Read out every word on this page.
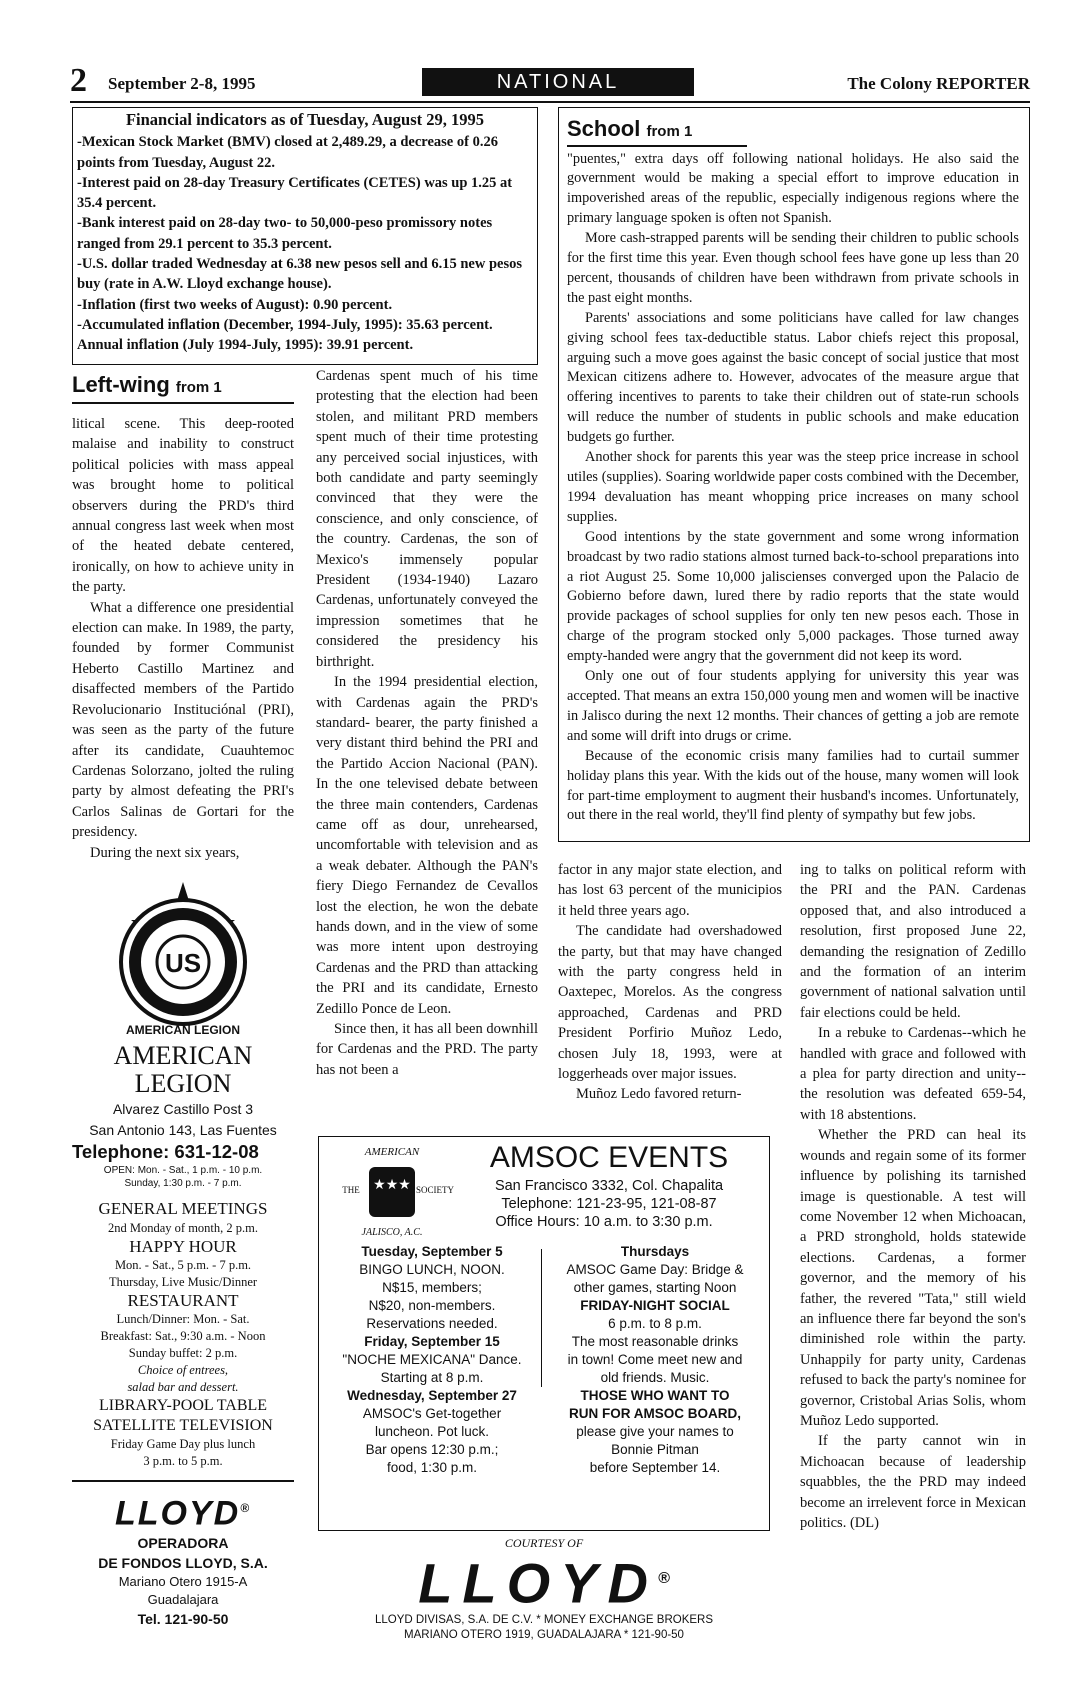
2 September 2-8, 1995	NATIONAL	The Colony REPORTER
Financial indicators as of Tuesday, August 29, 1995
-Mexican Stock Market (BMV) closed at 2,489.29, a decrease of 0.26 points from Tuesday, August 22.
-Interest paid on 28-day Treasury Certificates (CETES) was up 1.25 at 35.4 percent.
-Bank interest paid on 28-day two- to 50,000-peso promissory notes ranged from 29.1 percent to 35.3 percent.
-U.S. dollar traded Wednesday at 6.38 new pesos sell and 6.15 new pesos buy (rate in A.W. Lloyd exchange house).
-Inflation (first two weeks of August): 0.90 percent.
-Accumulated inflation (December, 1994-July, 1995): 35.63 percent.
Annual inflation (July 1994-July, 1995): 39.91 percent.
Left-wing from 1

litical scene. This deep-rooted malaise and inability to construct political policies with mass appeal was brought home to political observers during the PRD's third annual congress last week when most of the heated debate centered, ironically, on how to achieve unity in the party.

What a difference one presidential election can make. In 1989, the party, founded by former Communist Heberto Castillo Martinez and disaffected members of the Partido Revolucionario Instituciónal (PRI), was seen as the party of the future after its candidate, Cuauhtemoc Cardenas Solorzano, jolted the ruling party by almost defeating the PRI's Carlos Salinas de Gortari for the presidency.

During the next six years,

Cardenas spent much of his time protesting that the election had been stolen, and militant PRD members spent much of their time protesting any perceived social injustices, with both candidate and party seemingly convinced that they were the conscience, and only conscience, of the country. Cardenas, the son of Mexico's immensely popular President (1934-1940) Lazaro Cardenas, unfortunately conveyed the impression sometimes that he considered the presidency his birthright.

In the 1994 presidential election, with Cardenas again the PRD's standard- bearer, the party finished a very distant third behind the PRI and the Partido Accion Nacional (PAN). In the one televised debate between the three main contenders, Cardenas came off as dour, unrehearsed, uncomfortable with television and as a weak debater. Although the PAN's fiery Diego Fernandez de Cevallos lost the election, he won the debate hands down, and in the view of some was more intent upon destroying Cardenas and the PRD than attacking the PRI and its candidate, Ernesto Zedillo Ponce de Leon.

Since then, it has all been downhill for Cardenas and the PRD. The party has not been a

factor in any major state election, and has lost 63 percent of the municipios it held three years ago.

The candidate had overshadowed the party, but that may have changed with the party congress held in Oaxtepec, Morelos. As the congress approached, Cardenas and PRD President Porfirio Muñoz Ledo, chosen July 18, 1993, were at loggerheads over major issues.

Muñoz Ledo favored return-

ing to talks on political reform with the PRI and the PAN. Cardenas opposed that, and also introduced a resolution, first proposed June 22, demanding the resignation of Zedillo and the formation of an interim government of national salvation until fair elections could be held.

In a rebuke to Cardenas--which he handled with grace and followed with a plea for party direction and unity--the resolution was defeated 659-54, with 18 abstentions.

Whether the PRD can heal its wounds and regain some of its former influence by polishing its tarnished image is questionable. A test will come November 12 when Michoacan, a PRD stronghold, holds statewide elections. Cardenas, a former governor, and the memory of his father, the revered "Tata," still wield an influence there far beyond the son's diminished role within the party. Unhappily for party unity, Cardenas refused to back the party's nominee for governor, Cristobal Arias Solis, whom Muñoz Ledo supported.

If the party cannot win in Michoacan because of leadership squabbles, the the PRD may indeed become an irrelevent force in Mexican politics. (DL)

School from 1

"puentes," extra days off following national holidays. He also said the government would be making a special effort to improve education in impoverished areas of the republic, especially indigenous regions where the primary language spoken is often not Spanish.

More cash-strapped parents will be sending their children to public schools for the first time this year. Even though school fees have gone up less than 20 percent, thousands of children have been withdrawn from private schools in the past eight months.

Parents' associations and some politicians have called for law changes giving school fees tax-deductible status. Labor chiefs reject this proposal, arguing such a move goes against the basic concept of social justice that most Mexican citizens adhere to. However, advocates of the measure argue that offering incentives to parents to take their children out of state-run schools will reduce the number of students in public schools and make education budgets go further.

Another shock for parents this year was the steep price increase in school utiles (supplies). Soaring worldwide paper costs combined with the December, 1994 devaluation has meant whopping price increases on many school supplies.

Good intentions by the state government and some wrong information broadcast by two radio stations almost turned back-to-school preparations into a riot August 25. Some 10,000 jaliscienses converged upon the Palacio de Gobierno before dawn, lured there by radio reports that the state would provide packages of school supplies for only ten new pesos each. Those in charge of the program stocked only 5,000 packages. Those turned away empty-handed were angry that the government did not keep its word.

Only one out of four students applying for university this year was accepted. That means an extra 150,000 young men and women will be inactive in Jalisco during the next 12 months. Their chances of getting a job are remote and some will drift into drugs or crime.

Because of the economic crisis many families had to curtail summer holiday plans this year. With the kids out of the house, many women will look for part-time employment to augment their husband's incomes. Unfortunately, out there in the real world, they'll find plenty of sympathy but few jobs.

US
AMERICAN LEGION
AMERICAN
LEGION
Alvarez Castillo Post 3
San Antonio 143, Las Fuentes
Telephone: 631-12-08
OPEN: Mon. - Sat., 1 p.m. - 10 p.m.
Sunday, 1:30 p.m. - 7 p.m.
GENERAL MEETINGS
2nd Monday of month, 2 p.m.
HAPPY HOUR
Mon. - Sat., 5 p.m. - 7 p.m.
Thursday, Live Music/Dinner
RESTAURANT
Lunch/Dinner: Mon. - Sat.
Breakfast: Sat., 9:30 a.m. - Noon
Sunday buffet: 2 p.m.
Choice of entrees,
salad bar and dessert.
LIBRARY-POOL TABLE
SATELLITE TELEVISION
Friday Game Day plus lunch
3 p.m. to 5 p.m.
LLOYD®
OPERADORA
DE FONDOS LLOYD, S.A.
Mariano Otero 1915-A
Guadalajara
Tel. 121-90-50
★★★
AMERICAN
THE	SOCIETY
JALISCO, A.C.
AMSOC EVENTS
San Francisco 3332, Col. Chapalita
Telephone: 121-23-95, 121-08-87
Office Hours: 10 a.m. to 3:30 p.m.
Tuesday, September 5
BINGO LUNCH, NOON.
N$15, members;
N$20, non-members.
Reservations needed.
Friday, September 15
"NOCHE MEXICANA" Dance.
Starting at 8 p.m.
Wednesday, September 27
AMSOC's Get-together
luncheon. Pot luck.
Bar opens 12:30 p.m.;
food, 1:30 p.m.
Thursdays
AMSOC Game Day: Bridge &
other games, starting Noon
FRIDAY-NIGHT SOCIAL
6 p.m. to 8 p.m.
The most reasonable drinks
in town! Come meet new and
old friends. Music.
THOSE WHO WANT TO
RUN FOR AMSOC BOARD,
please give your names to
Bonnie Pitman
before September 14.
COURTESY OF
LLOYD®
LLOYD DIVISAS, S.A. DE C.V. * MONEY EXCHANGE BROKERS
MARIANO OTERO 1919, GUADALAJARA * 121-90-50
